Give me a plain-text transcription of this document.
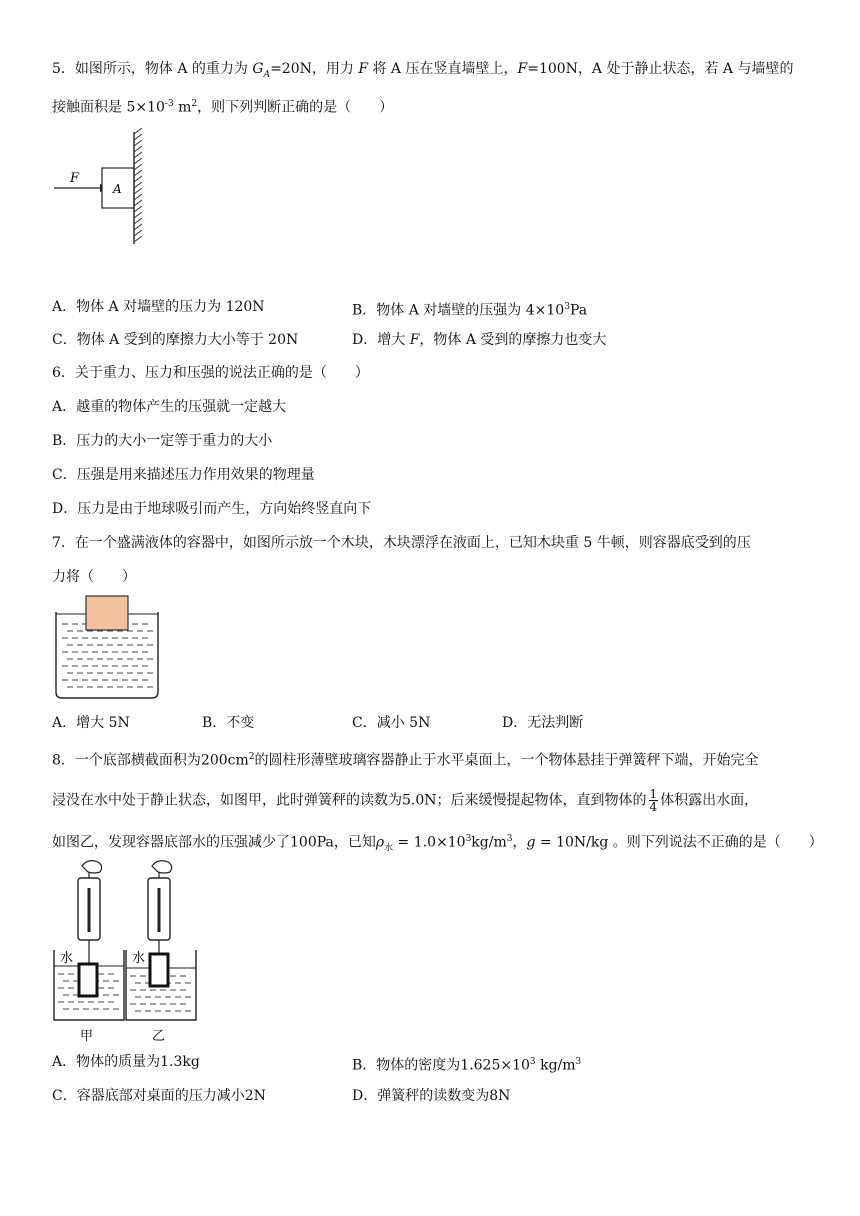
5．如图所示，物体 A 的重力为 $G_A=20N$，用力 F 将 A 压在竖直墙壁上，F=100N，A 处于静止状态，若 A 与墙壁的
接触面积是 $5\times 10^{-3}$ $m^2$，则下列判断正确的是（　　）
F
A
A．物体 A 对墙壁的压力为 120N	B．物体 A 对墙壁的压强为 $4\times 10^3Pa$
C．物体 A 受到的摩擦力大小等于 20N	D．增大 F，物体 A 受到的摩擦力也变大
6．关于重力、压力和压强的说法正确的是（　　）
A．越重的物体产生的压强就一定越大
B．压力的大小一定等于重力的大小
C．压强是用来描述压力作用效果的物理量
D．压力是由于地球吸引而产生，方向始终竖直向下
7．在一个盛满液体的容器中，如图所示放一个木块，木块漂浮在液面上，已知木块重 5 牛顿，则容器底受到的压
力将（　　）
A．增大 5N	B．不变	C．减小 5N	D．无法判断
8．一个底部横截面积为$200cm^2$的圆柱形薄壁玻璃容器静止于水平桌面上，一个物体悬挂于弹簧秤下端，开始完全
浸没在水中处于静止状态，如图甲，此时弹簧秤的读数为5.0N；后来缓慢提起物体，直到物体的 $\frac{1}{4}$ 体积露出水面，
如图乙，发现容器底部水的压强减少了100Pa，已知$\rho_水 = 1.0\times 10^3kg/m^3$，g = 10N/kg 。则下列说法不正确的是（　　）
水
甲
水
乙
A．物体的质量为1.3kg	B．物体的密度为$1.625\times 10^3$ $kg/m^3$
C．容器底部对桌面的压力减小2N	D．弹簧秤的读数变为8N
